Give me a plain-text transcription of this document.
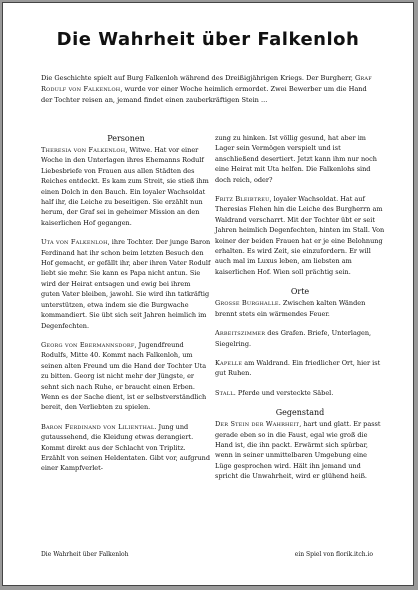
Die Wahrheit über Falkenloh
Die Geschichte spielt auf Burg Falkenloh während des Dreißigjährigen Kriegs. Der Burgherr, Graf Rodulf von Falkenloh, wurde vor einer Woche heimlich ermordet. Zwei Bewerber um die Hand der Tochter reisen an, jemand findet einen zauberkräftigen Stein ...
Personen

Theresia von Falkenloh, Witwe. Hat vor einer Woche in den Unterlagen ihres Ehemanns Rodulf Liebesbriefe von Frauen aus allen Städten des Reiches entdeckt. Es kam zum Streit, sie stieß ihm einen Dolch in den Bauch. Ein loyaler Wachsoldat half ihr, die Leiche zu beseitigen. Sie erzählt nun herum, der Graf sei in geheimer Mission an den kaiserlichen Hof gegangen.

Uta von Falkenloh, ihre Tochter. Der junge Baron Ferdinand hat ihr schon beim letzten Besuch den Hof gemacht, er gefällt ihr, aber ihren Vater Rodulf liebt sie mehr. Sie kann es Papa nicht antun. Sie wird der Heirat entsagen und ewig bei ihrem guten Vater bleiben, jawohl. Sie wird ihn tatkräftig unterstützen, etwa indem sie die Burgwache kommandiert. Sie übt sich seit Jahren heimlich im Degenfechten.

Georg von Ebermannsdorf, Jugendfreund Rodulfs, Mitte 40. Kommt nach Falkenloh, um seinen alten Freund um die Hand der Tochter Uta zu bitten. Georg ist nicht mehr der Jüngste, er sehnt sich nach Ruhe, er braucht einen Erben. Wenn es der Sache dient, ist er selbstverständlich bereit, den Verliebten zu spielen.

Baron Ferdinand von Lilienthal. Jung und gutaussehend, die Kleidung etwas derangiert. Kommt direkt aus der Schlacht von Triplitz. Erzählt von seinen Heldentaten. Gibt vor, aufgrund einer Kampfverlet-

zung zu hinken. Ist völlig gesund, hat aber im Lager sein Vermögen verspielt und ist anschließend desertiert. Jetzt kann ihm nur noch eine Heirat mit Uta helfen. Die Falkenlohs sind doch reich, oder?

Fritz Bleibtreu, loyaler Wachsoldat. Hat auf Theresias Flehen hin die Leiche des Burgherrn am Waldrand verscharrt. Mit der Tochter übt er seit Jahren heimlich Degenfechten, hinten im Stall. Von keiner der beiden Frauen hat er je eine Belohnung erhalten. Es wird Zeit, sie einzufordern. Er will auch mal im Luxus leben, am liebsten am kaiserlichen Hof. Wien soll prächtig sein.

Orte

Grosse Burghalle. Zwischen kalten Wänden brennt stets ein wärmendes Feuer.

Arbeitszimmer des Grafen. Briefe, Unterlagen, Siegelring.

Kapelle am Waldrand. Ein friedlicher Ort, hier ist gut Ruhen.

Stall. Pferde und versteckte Säbel.

Gegenstand

Der Stein der Wahrheit, hart und glatt. Er passt gerade eben so in die Faust, egal wie groß die Hand ist, die ihn packt. Erwärmt sich spürbar, wenn in seiner unmittelbaren Umgebung eine Lüge gesprochen wird. Hält ihn jemand und spricht die Unwahrheit, wird er glühend heiß.

Die Wahrheit über Falkenloh	ein Spiel von florik.itch.io
